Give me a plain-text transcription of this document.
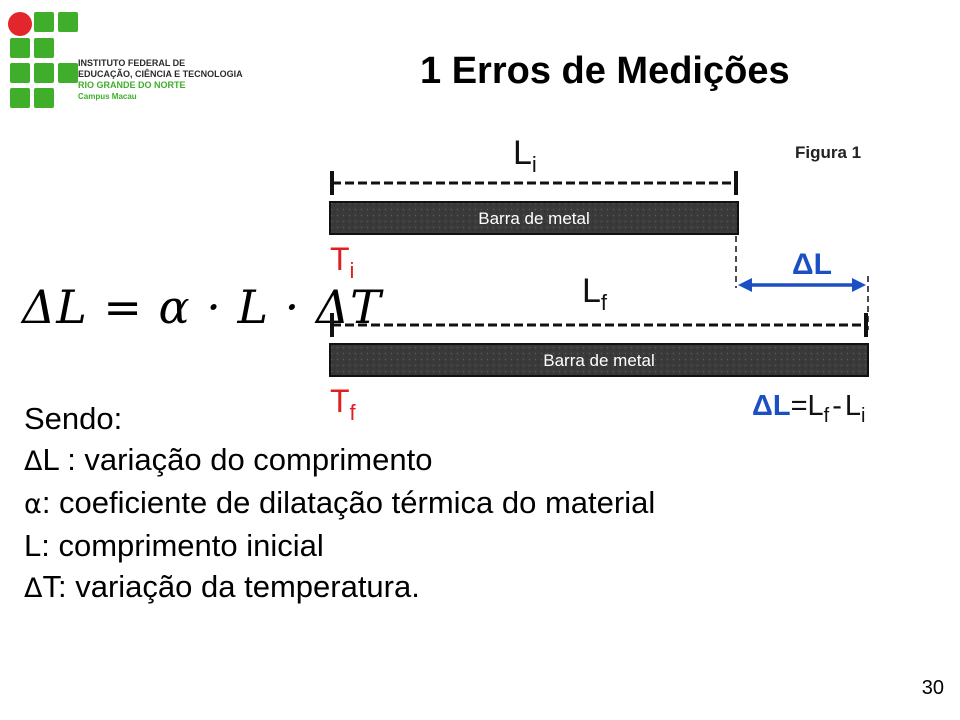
INSTITUTO FEDERAL DE
EDUCAÇÃO, CIÊNCIA E TECNOLOGIA
RIO GRANDE DO NORTE
Campus Macau
1 Erros de Medições
ΔL = α · L · ΔT
Figura 1
$L_i$
Barra de metal
$T_i$	ΔL
$L_f$
Barra de metal
$T_f$	$\Delta L=L_f - L_i$
Sendo:
ΔL : variação do comprimento
α: coeficiente de dilatação térmica do material
L: comprimento inicial
ΔT: variação da temperatura.
30
